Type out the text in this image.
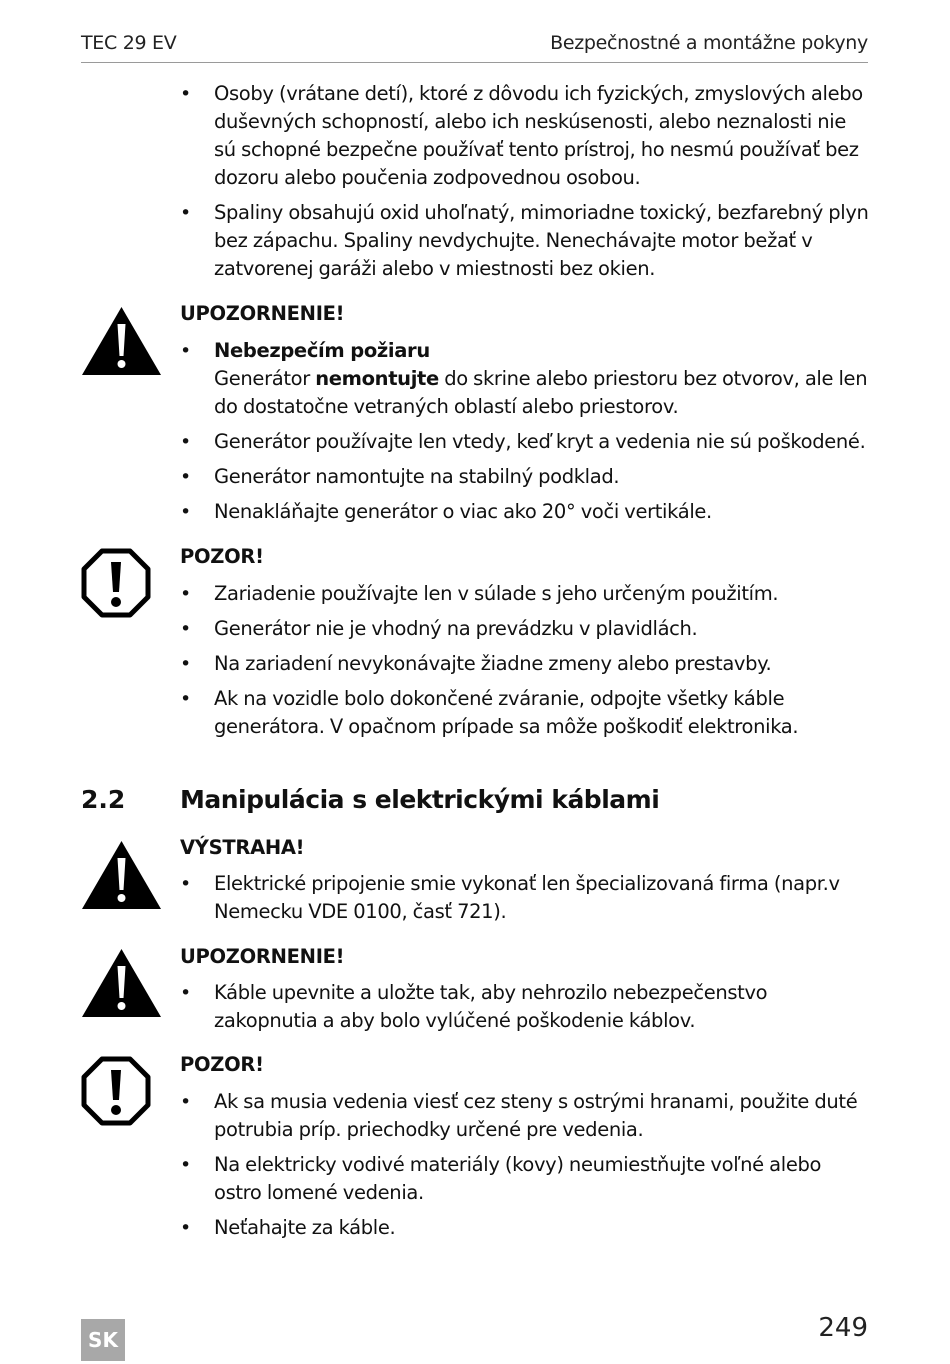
TEC 29 EV	Bezpečnostné a montážne pokyny
• Osoby (vrátane detí), ktoré z dôvodu ich fyzických, zmyslových alebo duševných schopností, alebo ich neskúsenosti, alebo neznalosti nie sú schopné bezpečne používať tento prístroj, ho nesmú používať bez dozoru alebo poučenia zodpovednou osobou.
• Spaliny obsahujú oxid uhoľnatý, mimoriadne toxický, bezfarebný plyn bez zápachu. Spaliny nevdychujte. Nenechávajte motor bežať v zatvorenej garáži alebo v miestnosti bez okien.
UPOZORNENIE!
• Nebezpečím požiaru
Generátor nemontujte do skrine alebo priestoru bez otvorov, ale len do dostatočne vetraných oblastí alebo priestorov.
• Generátor používajte len vtedy, keď kryt a vedenia nie sú poškodené.
• Generátor namontujte na stabilný podklad.
• Nenakláňajte generátor o viac ako 20° voči vertikále.
POZOR!
• Zariadenie používajte len v súlade s jeho určeným použitím.
• Generátor nie je vhodný na prevádzku v plavidlách.
• Na zariadení nevykonávajte žiadne zmeny alebo prestavby.
• Ak na vozidle bolo dokončené zváranie, odpojte všetky káble generátora. V opačnom prípade sa môže poškodiť elektronika.
2.2 Manipulácia s elektrickými káblami
VÝSTRAHA!
• Elektrické pripojenie smie vykonať len špecializovaná firma (napr.v Nemecku VDE 0100, časť 721).
UPOZORNENIE!
• Káble upevnite a uložte tak, aby nehrozilo nebezpečenstvo zakopnutia a aby bolo vylúčené poškodenie káblov.
POZOR!
• Ak sa musia vedenia viesť cez steny s ostrými hranami, použite duté potrubia príp. priechodky určené pre vedenia.
• Na elektricky vodivé materiály (kovy) neumiestňujte voľné alebo ostro lomené vedenia.
• Neťahajte za káble.
SK	249
